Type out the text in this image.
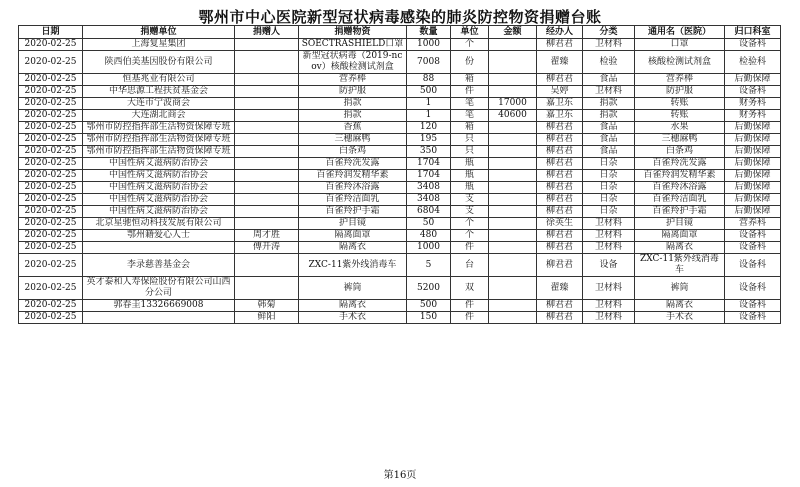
鄂州市中心医院新型冠状病毒感染的肺炎防控物资捐赠台账
日期	捐赠单位	捐赠人	捐赠物资	数量	单位	金额	经办人	分类	通用名（医院）	归口科室
2020-02-25	上海复星集团		SOECTRASHIELD口罩	1000	个		柳君君	卫材料	口罩	设备科
2020-02-25	陕西伯美基因股份有限公司		新型冠状病毒（2019-ncov）核酸检测试剂盒	7008	份		翟臻	检验	核酸检测试剂盒	检验科
2020-02-25	恒基兆业有限公司		营养棒	88	箱		柳君君	食品	营养棒	后勤保障
2020-02-25	中华思源工程扶贫基金会		防护服	500	件		吴婷	卫材料	防护服	设备科
2020-02-25	大连市宁波商会		捐款	1	笔	17000	嘉卫东	捐款	转账	财务科
2020-02-25	大连湖北商会		捐款	1	笔	40600	嘉卫东	捐款	转账	财务科
2020-02-25	鄂州市防控指挥部生活物资保障专班		香蕉	120	箱		柳君君	食品	水果	后勤保障
2020-02-25	鄂州市防控指挥部生活物资保障专班		三穗麻鸭	195	只		柳君君	食品	三穗麻鸭	后勤保障
2020-02-25	鄂州市防控指挥部生活物资保障专班		白条鸡	350	只		柳君君	食品	白条鸡	后勤保障
2020-02-25	中国性病艾滋病防治协会		百雀羚洗发露	1704	瓶		柳君君	日杂	百雀羚洗发露	后勤保障
2020-02-25	中国性病艾滋病防治协会		百雀羚润发精华素	1704	瓶		柳君君	日杂	百雀羚润发精华素	后勤保障
2020-02-25	中国性病艾滋病防治协会		百雀羚沐浴露	3408	瓶		柳君君	日杂	百雀羚沐浴露	后勤保障
2020-02-25	中国性病艾滋病防治协会		百雀羚洁面乳	3408	支		柳君君	日杂	百雀羚洁面乳	后勤保障
2020-02-25	中国性病艾滋病防治协会		百雀羚护手霜	6804	支		柳君君	日杂	百雀羚护手霜	后勤保障
2020-02-25	北京星驰恒动科技发展有限公司		护目镜	50	个		徐英生	卫材料	护目镜	营养科
2020-02-25	鄂州籍爱心人士	周才胜	隔离面罩	480	个		柳君君	卫材料	隔离面罩	设备科
2020-02-25		傅开涛	隔离衣	1000	件		柳君君	卫材料	隔离衣	设备科
2020-02-25	李录慈善基金会		ZXC-11紫外线消毒车	5	台		柳君君	设备	ZXC-11紫外线消毒车	设备科
2020-02-25	英才泰和人寿保险股份有限公司山西分公司		裤筒	5200	双		翟臻	卫材料	裤筒	设备科
2020-02-25	郭春圭13326669008	韩菊	隔离衣	500	件		柳君君	卫材料	隔离衣	设备科
2020-02-25		鲜阳	手术衣	150	件		柳君君	卫材料	手术衣	设备科
第16页
